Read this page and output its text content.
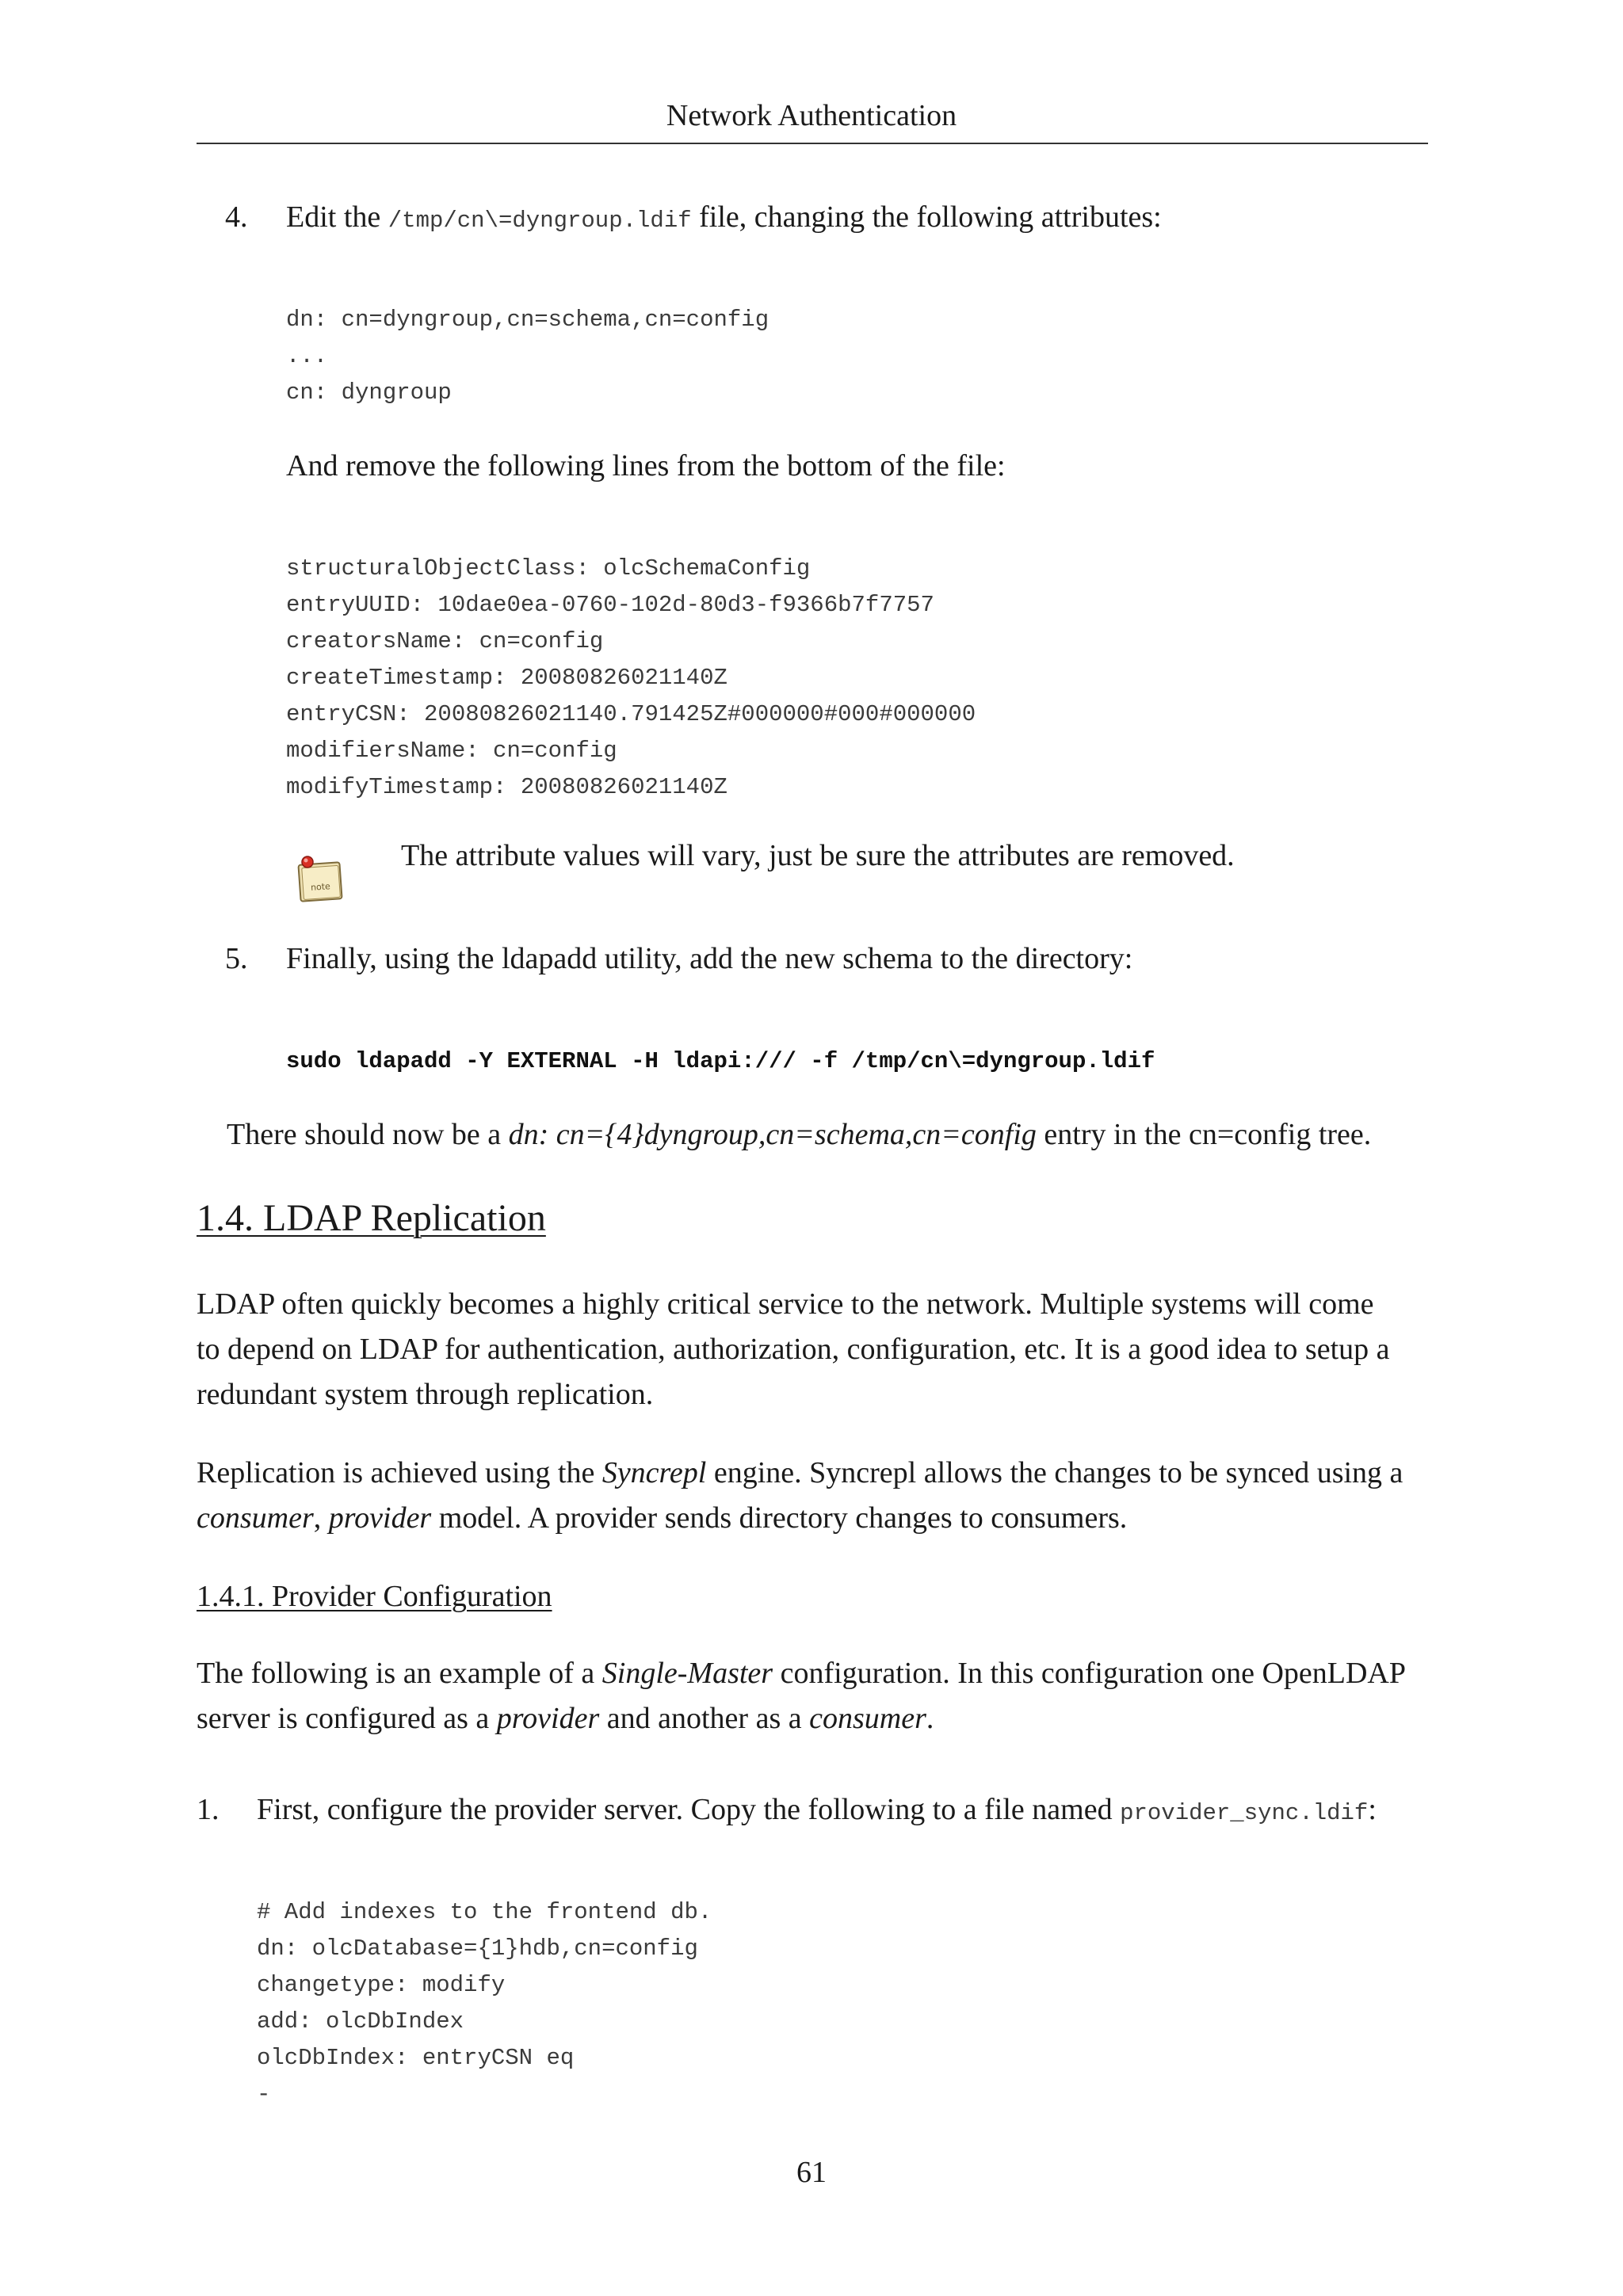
Network Authentication
4. Edit the /tmp/cn\=dyngroup.ldif file, changing the following attributes:
dn: cn=dyngroup,cn=schema,cn=config
...
cn: dyngroup
And remove the following lines from the bottom of the file:
structuralObjectClass: olcSchemaConfig
entryUUID: 10dae0ea-0760-102d-80d3-f9366b7f7757
creatorsName: cn=config
createTimestamp: 20080826021140Z
entryCSN: 20080826021140.791425Z#000000#000#000000
modifiersName: cn=config
modifyTimestamp: 20080826021140Z
note
The attribute values will vary, just be sure the attributes are removed.
5. Finally, using the ldapadd utility, add the new schema to the directory:
sudo ldapadd -Y EXTERNAL -H ldapi:/// -f /tmp/cn\=dyngroup.ldif
There should now be a dn: cn={4}dyngroup,cn=schema,cn=config entry in the cn=config tree.
1.4. LDAP Replication
LDAP often quickly becomes a highly critical service to the network. Multiple systems will come
to depend on LDAP for authentication, authorization, configuration, etc. It is a good idea to setup a
redundant system through replication.
Replication is achieved using the Syncrepl engine. Syncrepl allows the changes to be synced using a
consumer, provider model. A provider sends directory changes to consumers.
1.4.1. Provider Configuration
The following is an example of a Single-Master configuration. In this configuration one OpenLDAP
server is configured as a provider and another as a consumer.
1. First, configure the provider server. Copy the following to a file named provider_sync.ldif:
# Add indexes to the frontend db.
dn: olcDatabase={1}hdb,cn=config
changetype: modify
add: olcDbIndex
olcDbIndex: entryCSN eq
-
61
